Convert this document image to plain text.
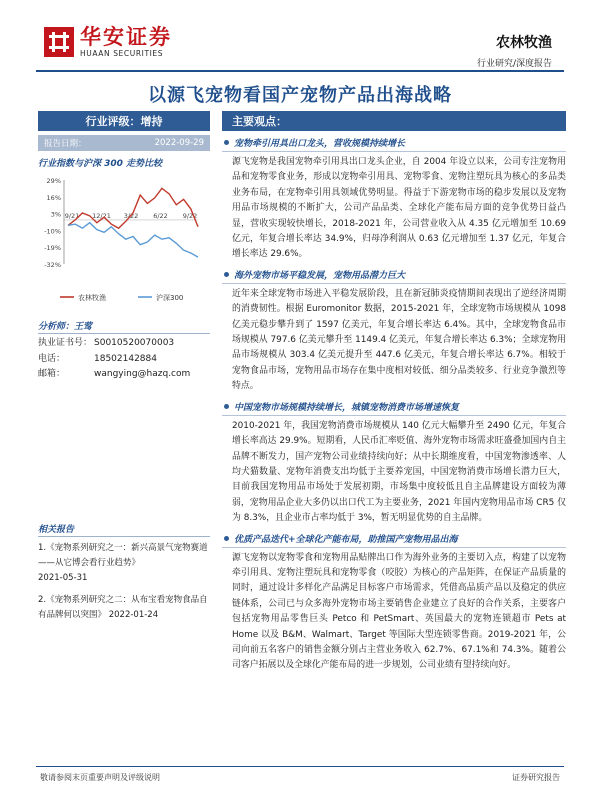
华安证券
HUAAN SECURITIES
农林牧渔
行业研究/深度报告
以源飞宠物看国产宠物产品出海战略
行业评级：增持
报告日期：	2022-09-29
行业指数与沪深 300 走势比较
29%
16%
3%
-10%
-19%
-32%
9/21 12/21 3/22 6/22 9/22
农林牧渔	沪深300
分析师：王莺
执业证书号： S0010520070003
电话：	18502142884
邮箱：	wangying@hazq.com
相关报告
1.《宠物系列研究之一：新兴高景气宠物赛道——从它博会看行业趋势》
2021-05-31
2.《宠物系列研究之二：从布宝看宠物食品自有品牌何以突围》 2022-01-24
主要观点：
宠物牵引用具出口龙头，营收规模持续增长
源飞宠物是我国宠物牵引用具出口龙头企业，自 2004 年设立以来，公司专注宠物用品和宠物零食业务，形成以宠物牵引用具、宠物零食、宠物注塑玩具为核心的多品类业务布局，在宠物牵引用具领域优势明显。得益于下游宠物市场的稳步发展以及宠物用品市场规模的不断扩大，公司产品品类、全球化产能布局方面的竞争优势日益凸显，营收实现较快增长，2018-2021 年，公司营业收入从 4.35 亿元增加至 10.69 亿元，年复合增长率达 34.9%，归母净利润从 0.63 亿元增加至 1.37 亿元，年复合增长率达 29.6%。
海外宠物市场平稳发展，宠物用品潜力巨大
近年来全球宠物市场进入平稳发展阶段，且在新冠肺炎疫情期间表现出了逆经济周期的消费韧性。根据 Euromonitor 数据，2015-2021 年，全球宠物市场规模从 1098 亿美元稳步攀升到了 1597 亿美元，年复合增长率达 6.4%。其中，全球宠物食品市场规模从 797.6 亿美元攀升至 1149.4 亿美元，年复合增长率达 6.3%；全球宠物用品市场规模从 303.4 亿美元提升至 447.6 亿美元，年复合增长率达 6.7%。相较于宠物食品市场，宠物用品市场存在集中度相对较低、细分品类较多、行业竞争激烈等特点。
中国宠物市场规模持续增长，城镇宠物消费市场增速恢复
2010-2021 年，我国宠物消费市场规模从 140 亿元大幅攀升至 2490 亿元，年复合增长率高达 29.9%。短期看，人民币汇率贬值、海外宠物市场需求旺盛叠加国内自主品牌不断发力，国产宠物公司业绩持续向好；从中长期维度看，中国宠物渗透率、人均犬猫数量、宠物年消费支出均低于主要养宠国，中国宠物消费市场增长潜力巨大，目前我国宠物用品市场处于发展初期，市场集中度较低且自主品牌建设方面较为薄弱，宠物用品企业大多仍以出口代工为主要业务，2021 年国内宠物用品市场 CR5 仅为 8.3%，且企业市占率均低于 3%，暂无明显优势的自主品牌。
优质产品迭代+全球化产能布局，助推国产宠物用品出海
源飞宠物以宠物零食和宠物用品贴牌出口作为海外业务的主要切入点，构建了以宠物牵引用具、宠物注塑玩具和宠物零食（咬胶）为核心的产品矩阵，在保证产品质量的同时，通过设计多样化产品满足目标客户市场需求，凭借高品质产品以及稳定的供应链体系，公司已与众多海外宠物市场主要销售企业建立了良好的合作关系，主要客户包括宠物用品零售巨头 Petco 和 PetSmart、英国最大的宠物连锁超市 Pets at Home 以及 B&M、Walmart、Target 等国际大型连锁零售商。2019-2021 年，公司向前五名客户的销售金额分别占主营业务收入 62.7%、67.1%和 74.3%。随着公司客户拓展以及全球化产能布局的进一步规划，公司业绩有望持续向好。
敬请参阅末页重要声明及评级说明	证券研究报告
